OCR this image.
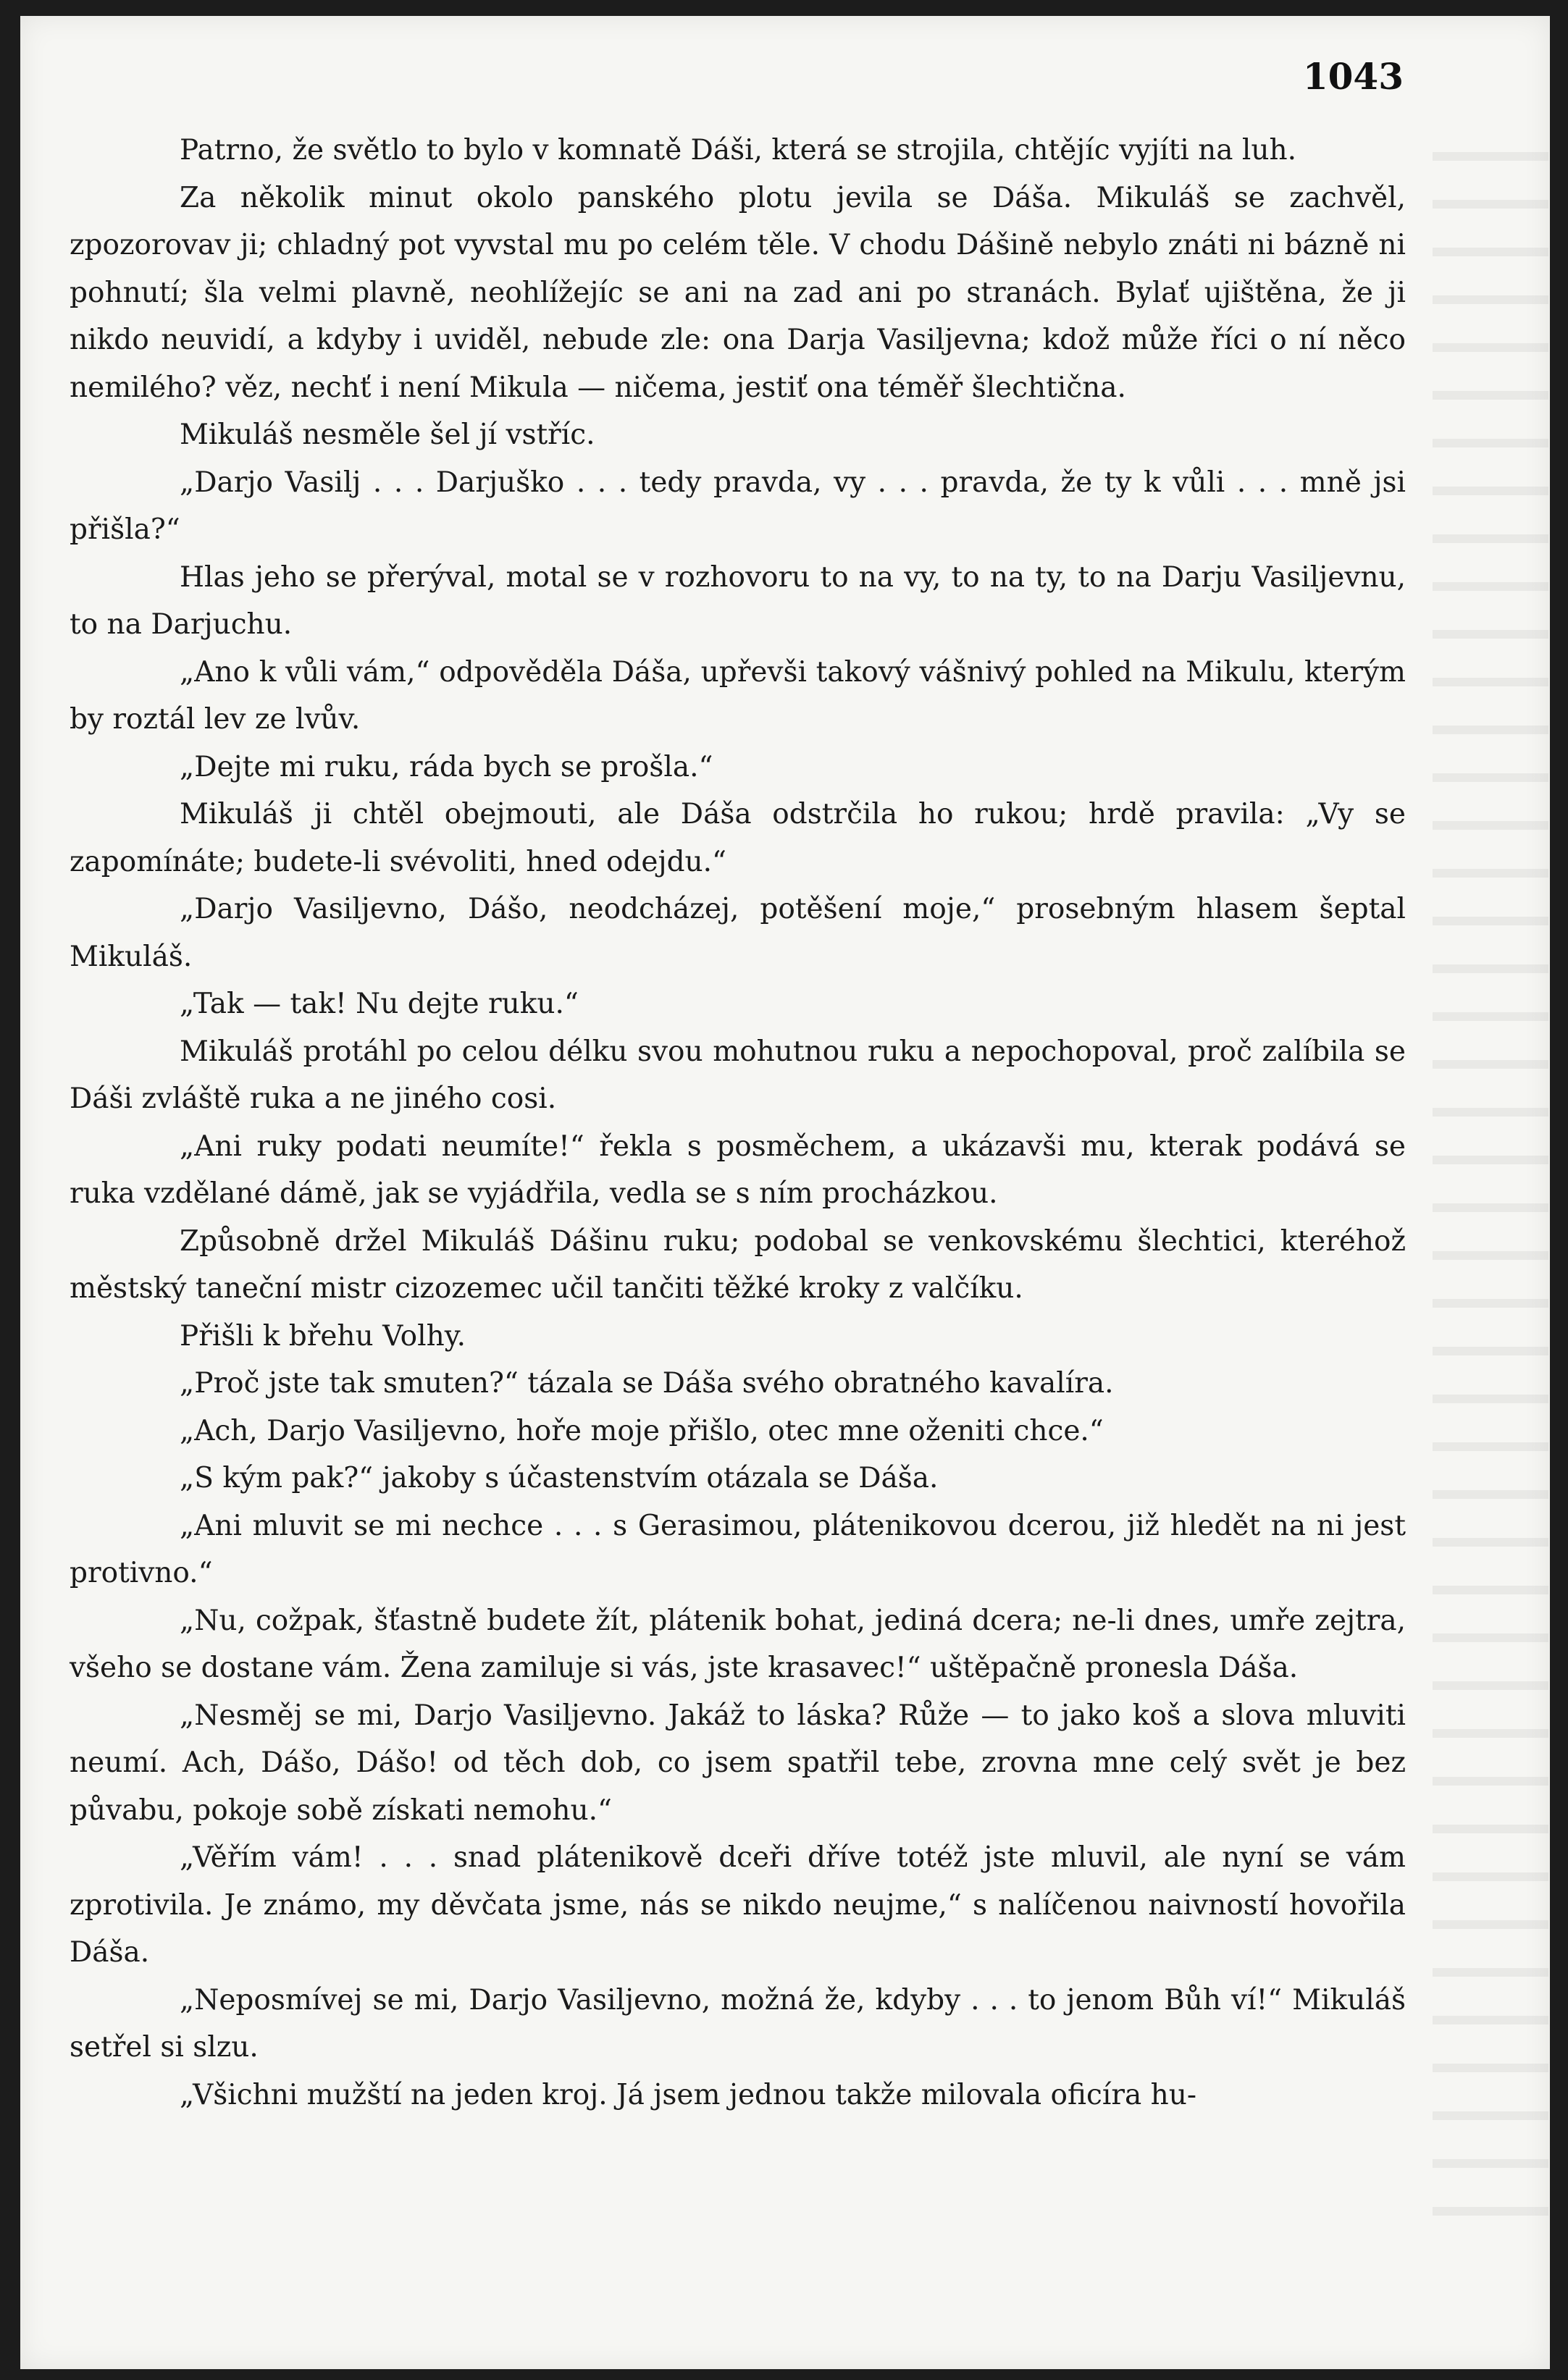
1043

Patrno, že světlo to bylo v komnatě Dáši, která se strojila, chtějíc vyjíti na luh.

Za několik minut okolo panského plotu jevila se Dáša. Mikuláš se zachvěl, zpozorovav ji; chladný pot vyvstal mu po celém těle. V chodu Dášině nebylo znáti ni bázně ni pohnutí; šla velmi plavně, neohlížejíc se ani na zad ani po stranách. Bylať ujištěna, že ji nikdo neuvidí, a kdyby i uviděl, nebude zle: ona Darja Vasiljevna; kdož může říci o ní něco nemilého? věz, nechť i není Mikula — ničema, jestiť ona téměř šlechtična.

Mikuláš nesměle šel jí vstříc.

„Darjo Vasilj . . . Darjuško . . . tedy pravda, vy . . . pravda, že ty k vůli . . . mně jsi přišla?“

Hlas jeho se přerýval, motal se v rozhovoru to na vy, to na ty, to na Darju Vasiljevnu, to na Darjuchu.

„Ano k vůli vám,“ odpověděla Dáša, upřevši takový vášnivý pohled na Mikulu, kterým by roztál lev ze lvův.

„Dejte mi ruku, ráda bych se prošla.“

Mikuláš ji chtěl obejmouti, ale Dáša odstrčila ho rukou; hrdě pravila: „Vy se zapomínáte; budete-li svévoliti, hned odejdu.“

„Darjo Vasiljevno, Dášo, neodcházej, potěšení moje,“ prosebným hlasem šeptal Mikuláš.

„Tak — tak! Nu dejte ruku.“

Mikuláš protáhl po celou délku svou mohutnou ruku a nepochopoval, proč zalíbila se Dáši zvláště ruka a ne jiného cosi.

„Ani ruky podati neumíte!“ řekla s posměchem, a ukázavši mu, kterak podává se ruka vzdělané dámě, jak se vyjádřila, vedla se s ním procházkou.

Způsobně držel Mikuláš Dášinu ruku; podobal se venkovskému šlechtici, kteréhož městský taneční mistr cizozemec učil tančiti těžké kroky z valčíku.

Přišli k břehu Volhy.

„Proč jste tak smuten?“ tázala se Dáša svého obratného kavalíra.

„Ach, Darjo Vasiljevno, hoře moje přišlo, otec mne oženiti chce.“

„S kým pak?“ jakoby s účastenstvím otázala se Dáša.

„Ani mluvit se mi nechce . . . s Gerasimou, plátenikovou dcerou, již hledět na ni jest protivno.“

„Nu, cožpak, šťastně budete žít, plátenik bohat, jediná dcera; ne-li dnes, umře zejtra, všeho se dostane vám. Žena zamiluje si vás, jste krasavec!“ uštěpačně pronesla Dáša.

„Nesměj se mi, Darjo Vasiljevno. Jakáž to láska? Růže — to jako koš a slova mluviti neumí. Ach, Dášo, Dášo! od těch dob, co jsem spatřil tebe, zrovna mne celý svět je bez půvabu, pokoje sobě získati nemohu.“

„Věřím vám! . . . snad plátenikově dceři dříve totéž jste mluvil, ale nyní se vám zprotivila. Je známo, my děvčata jsme, nás se nikdo neujme,“ s nalíčenou naivností hovořila Dáša.

„Neposmívej se mi, Darjo Vasiljevno, možná že, kdyby . . . to jenom Bůh ví!“ Mikuláš setřel si slzu.

„Všichni mužští na jeden kroj. Já jsem jednou takže milovala oficíra hu-
